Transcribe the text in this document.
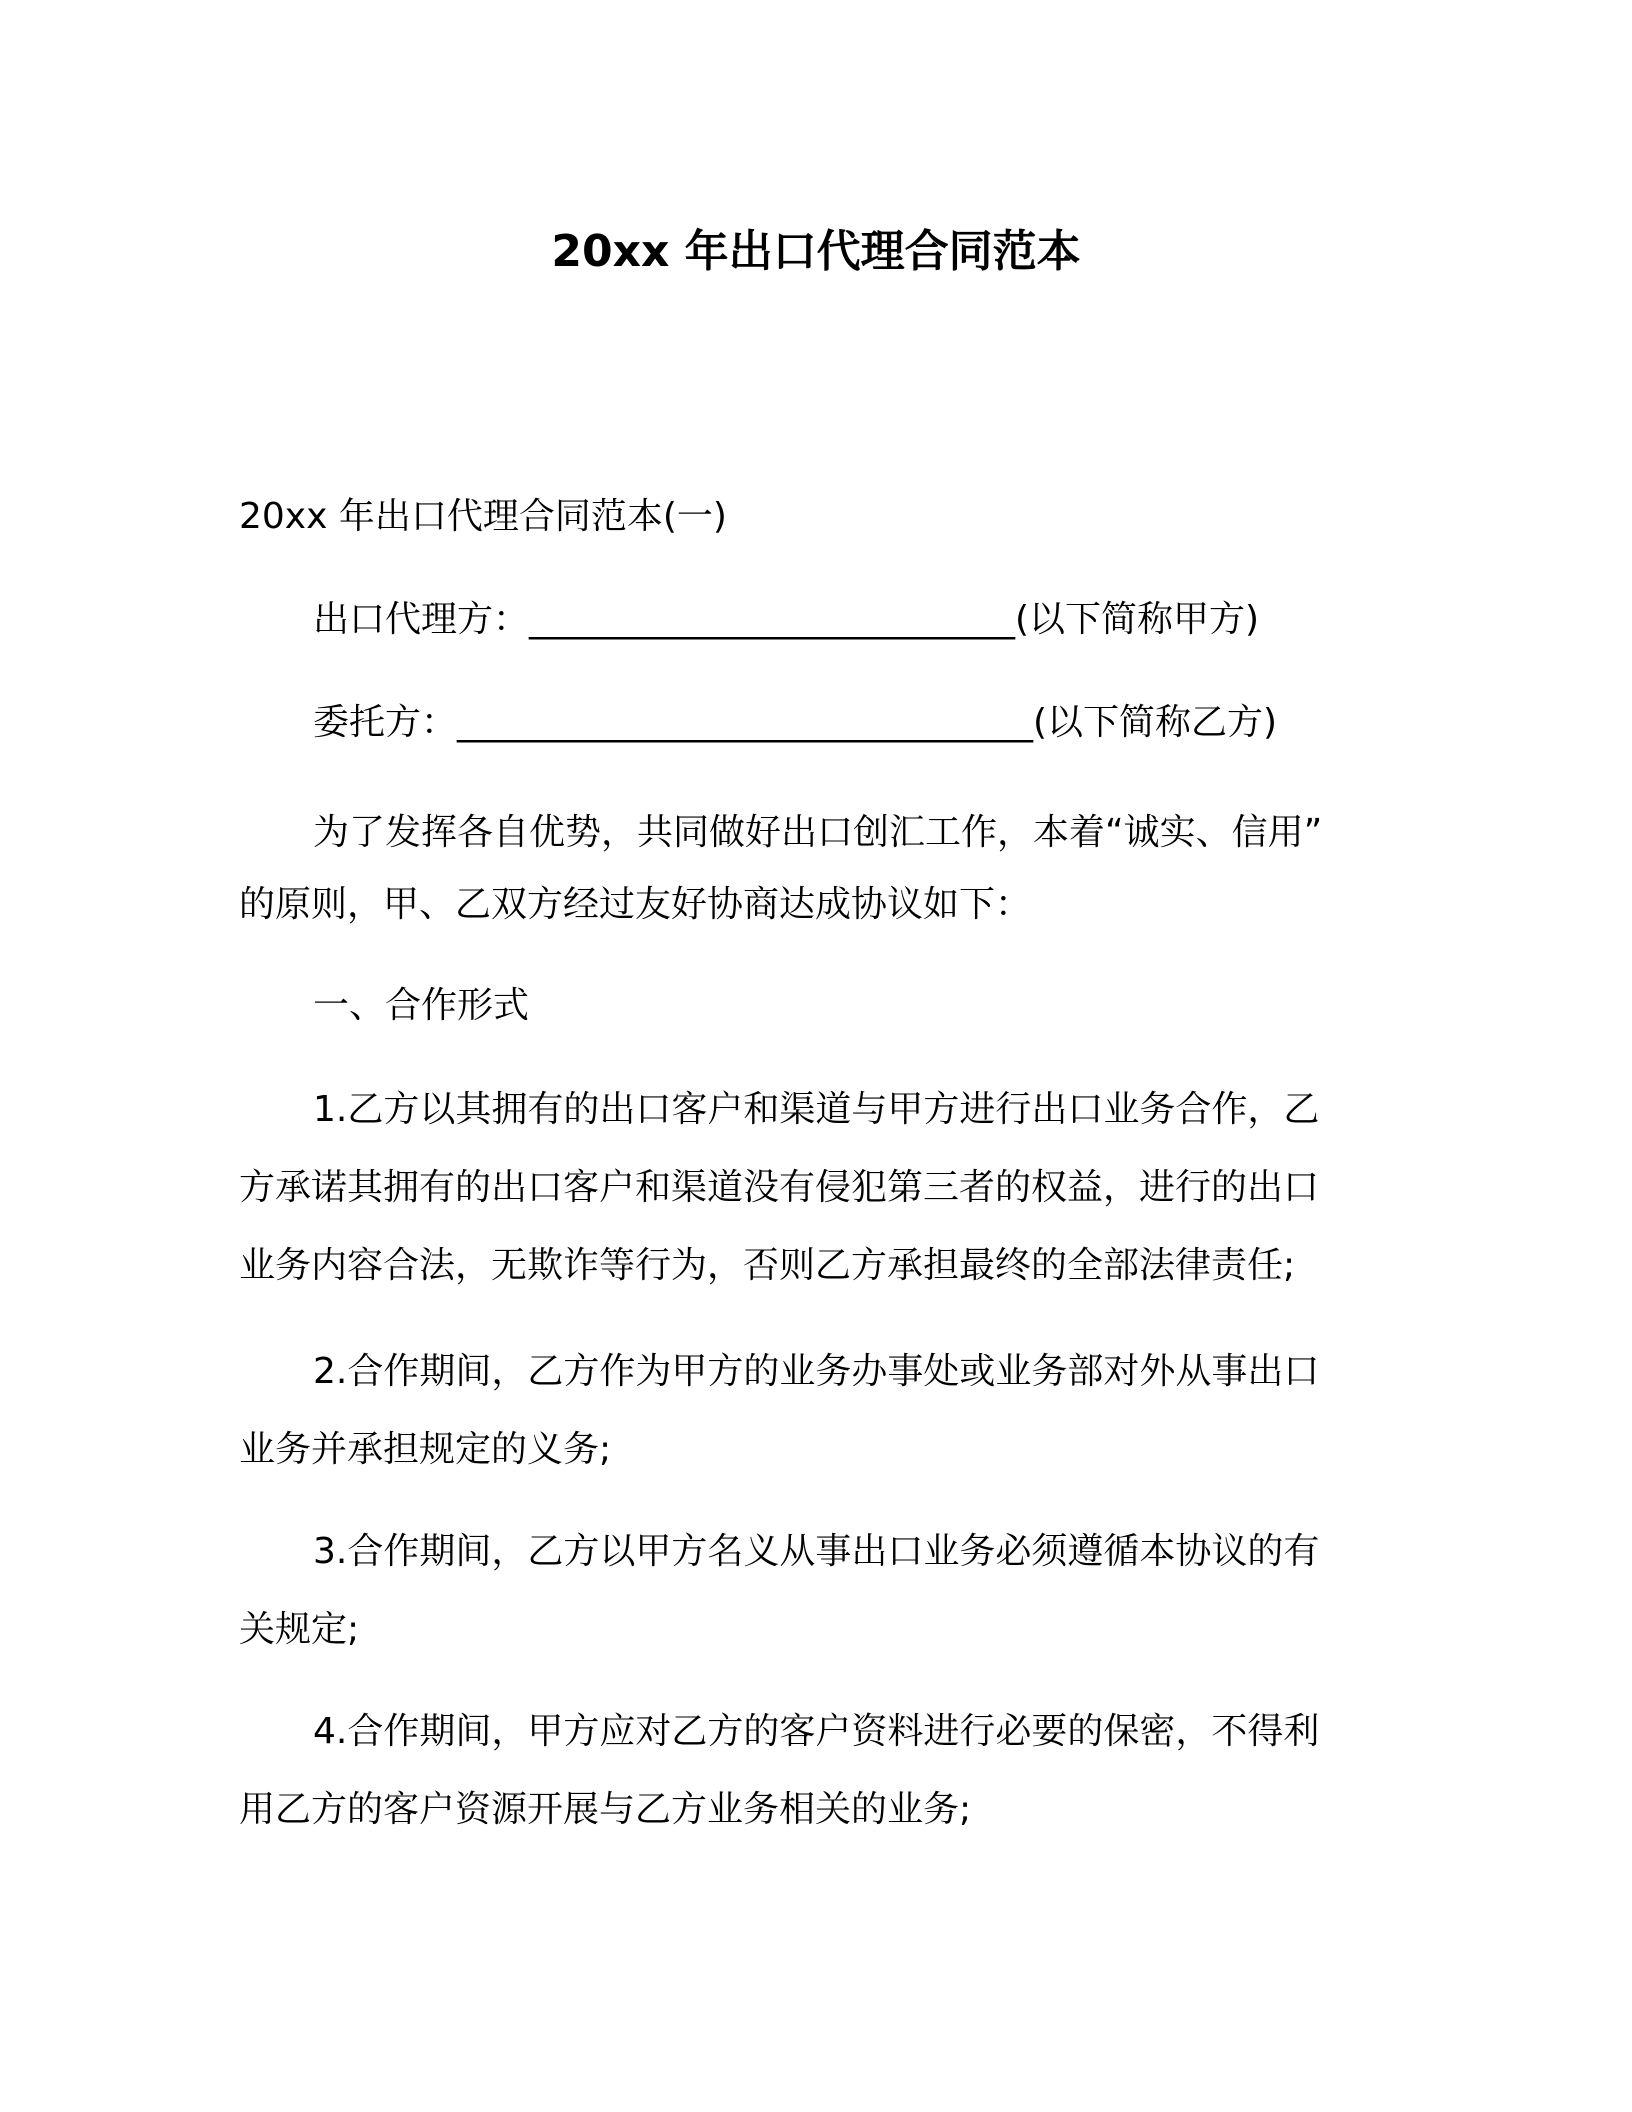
20xx 年出口代理合同范本
20xx 年出口代理合同范本(一)
出口代理方：___________________________(以下简称甲方)
委托方：________________________________(以下简称乙方)
为了发挥各自优势，共同做好出口创汇工作，本着“诚实、信用”
的原则，甲、乙双方经过友好协商达成协议如下：
一、合作形式
1.乙方以其拥有的出口客户和渠道与甲方进行出口业务合作，乙
方承诺其拥有的出口客户和渠道没有侵犯第三者的权益，进行的出口
业务内容合法，无欺诈等行为，否则乙方承担最终的全部法律责任;
2.合作期间，乙方作为甲方的业务办事处或业务部对外从事出口
业务并承担规定的义务;
3.合作期间，乙方以甲方名义从事出口业务必须遵循本协议的有
关规定;
4.合作期间，甲方应对乙方的客户资料进行必要的保密，不得利
用乙方的客户资源开展与乙方业务相关的业务;
